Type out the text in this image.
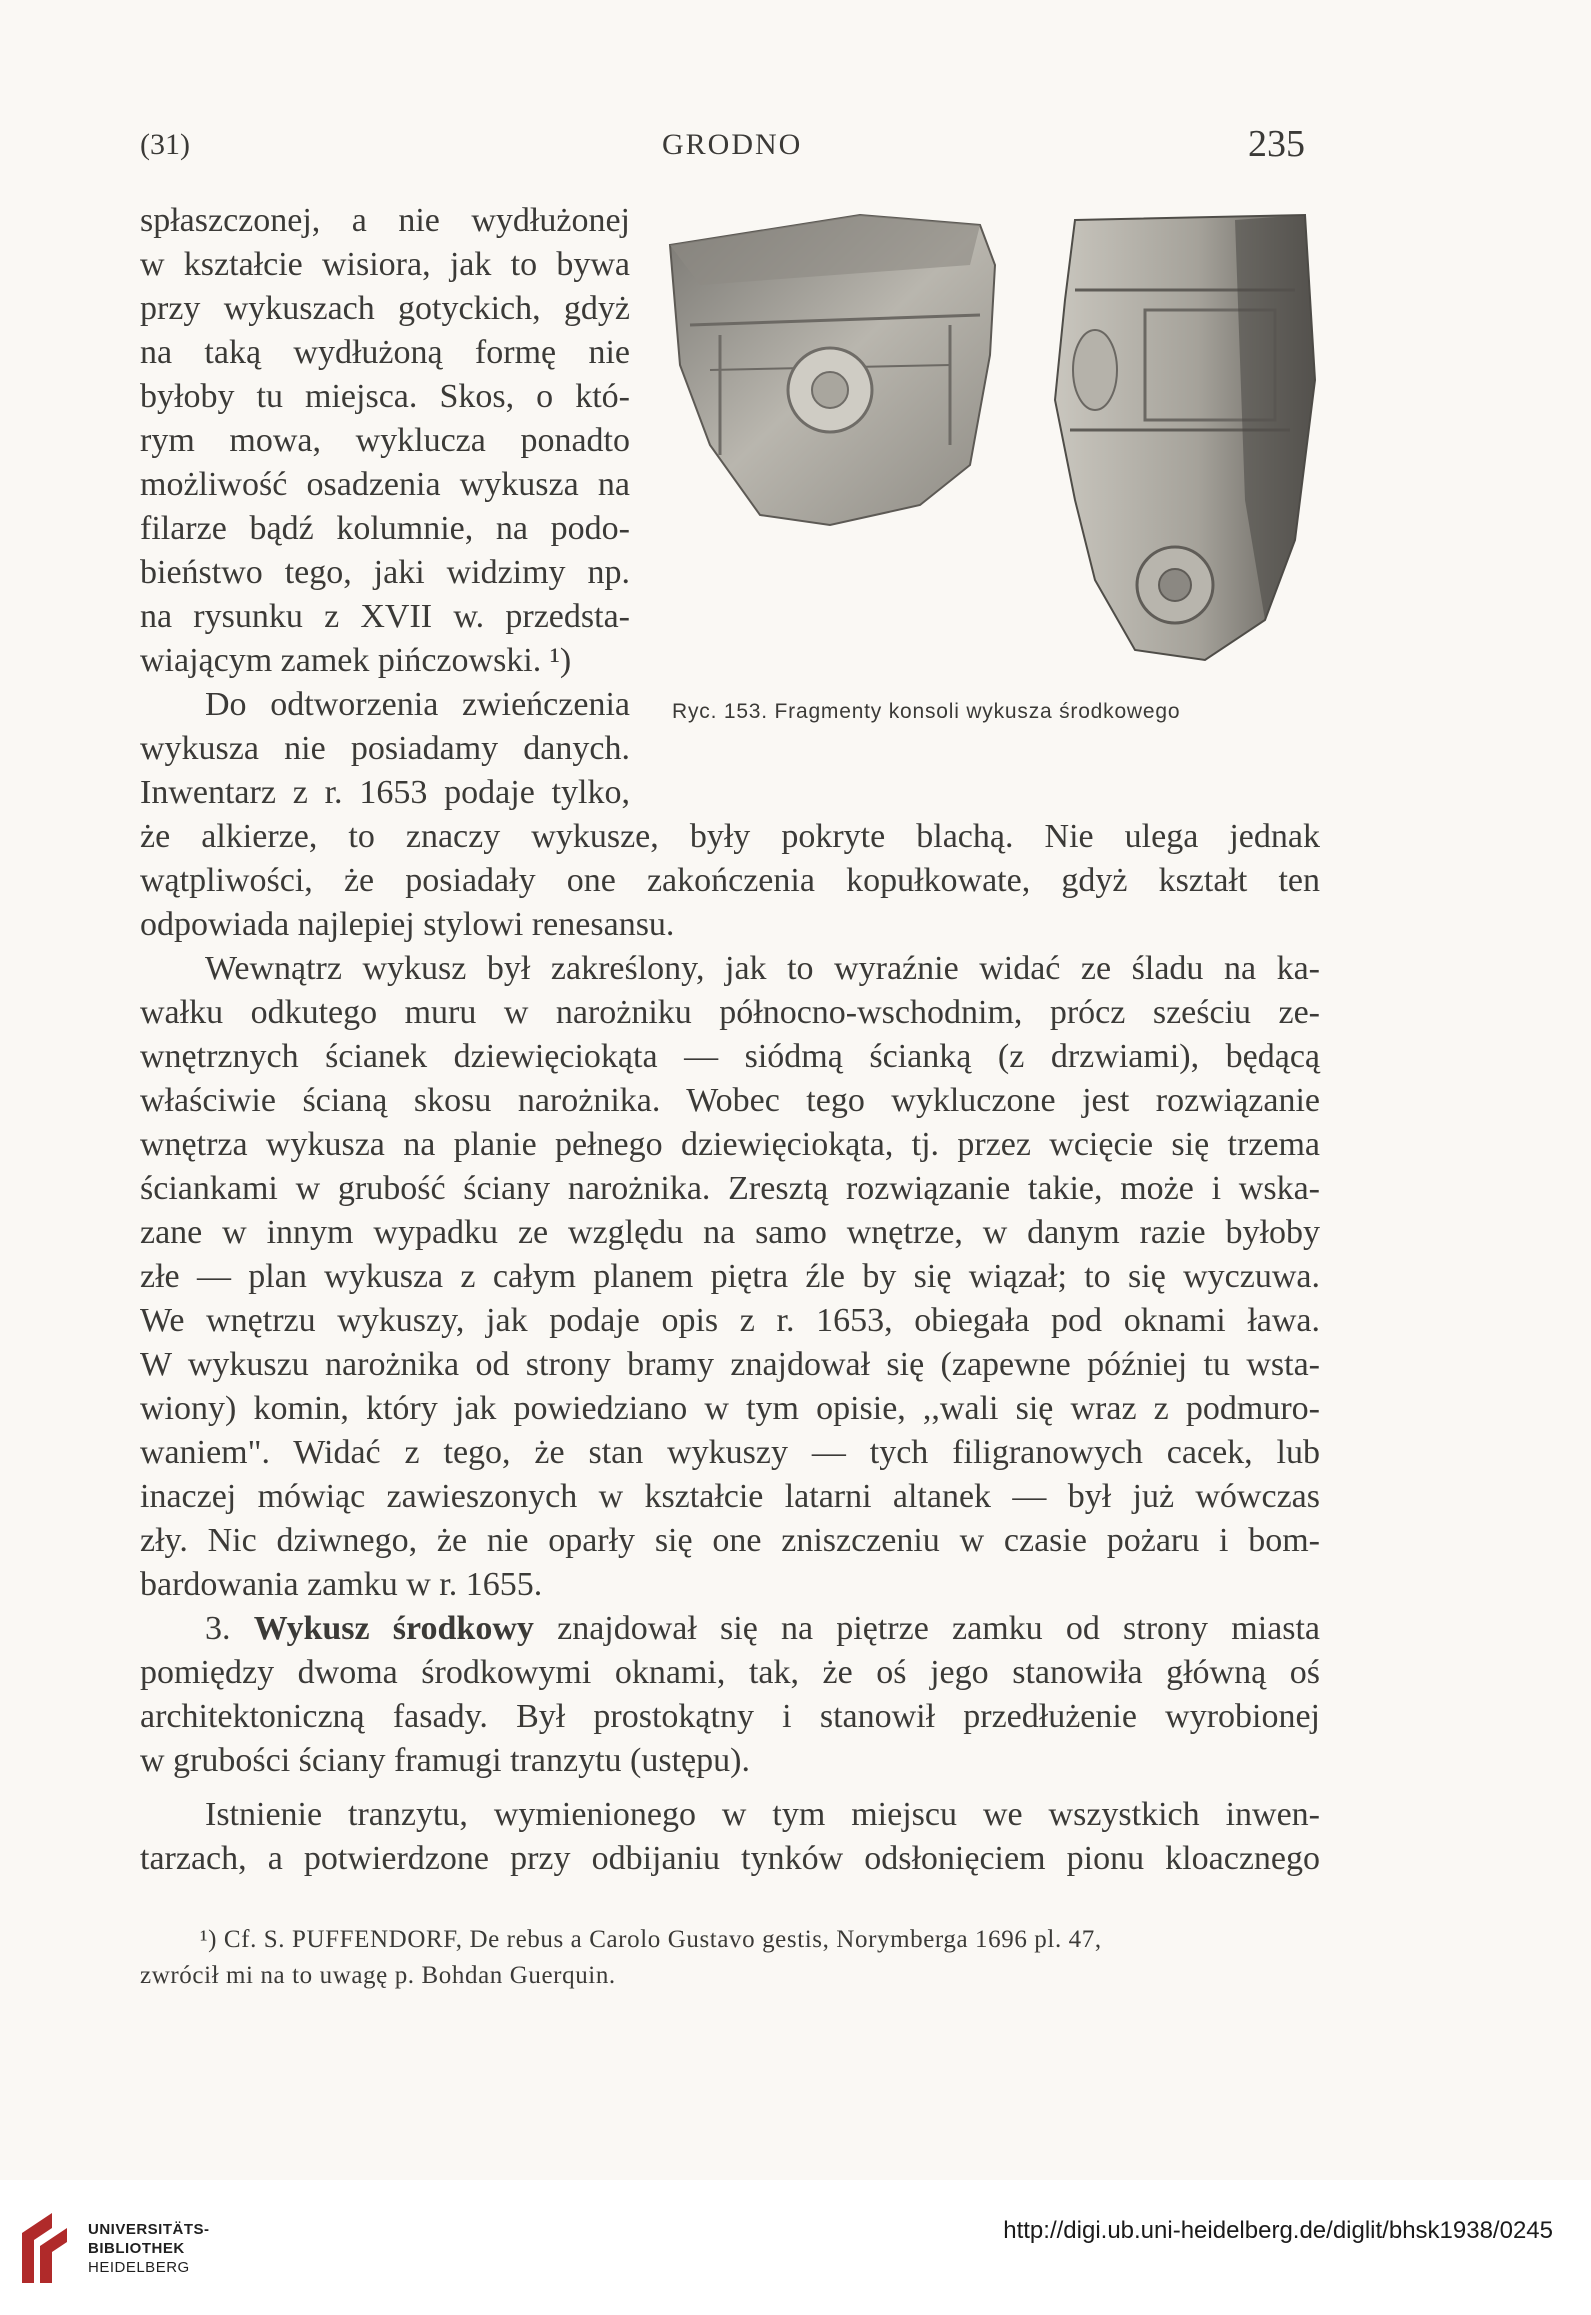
(31)	GRODNO	235
Ryc. 153. Fragmenty konsoli wykusza środkowego
spłaszczonej, a nie wydłużonej
w kształcie wisiora, jak to bywa
przy wykuszach gotyckich, gdyż
na taką wydłużoną formę nie
byłoby tu miejsca. Skos, o któ-
rym mowa, wyklucza ponadto
możliwość osadzenia wykusza na
filarze bądź kolumnie, na podo-
bieństwo tego, jaki widzimy np.
na rysunku z XVII w. przedsta-
wiającym zamek pińczowski. ¹)
Do odtworzenia zwieńczenia
wykusza nie posiadamy danych.
Inwentarz z r. 1653 podaje tylko,
że alkierze, to znaczy wykusze, były pokryte blachą. Nie ulega jednak
wątpliwości, że posiadały one zakończenia kopułkowate, gdyż kształt ten
odpowiada najlepiej stylowi renesansu.
Wewnątrz wykusz był zakreślony, jak to wyraźnie widać ze śladu na ka-
wałku odkutego muru w narożniku północno-wschodnim, prócz sześciu ze-
wnętrznych ścianek dziewięciokąta — siódmą ścianką (z drzwiami), będącą
właściwie ścianą skosu narożnika. Wobec tego wykluczone jest rozwiązanie
wnętrza wykusza na planie pełnego dziewięciokąta, tj. przez wcięcie się trzema
ściankami w grubość ściany narożnika. Zresztą rozwiązanie takie, może i wska-
zane w innym wypadku ze względu na samo wnętrze, w danym razie byłoby
złe — plan wykusza z całym planem piętra źle by się wiązał; to się wyczuwa.
We wnętrzu wykuszy, jak podaje opis z r. 1653, obiegała pod oknami ława.
W wykuszu narożnika od strony bramy znajdował się (zapewne później tu wsta-
wiony) komin, który jak powiedziano w tym opisie, ,,wali się wraz z podmuro-
waniem". Widać z tego, że stan wykuszy — tych filigranowych cacek, lub
inaczej mówiąc zawieszonych w kształcie latarni altanek — był już wówczas
zły. Nic dziwnego, że nie oparły się one zniszczeniu w czasie pożaru i bom-
bardowania zamku w r. 1655.
3. Wykusz środkowy znajdował się na piętrze zamku od strony miasta
pomiędzy dwoma środkowymi oknami, tak, że oś jego stanowiła główną oś
architektoniczną fasady. Był prostokątny i stanowił przedłużenie wyrobionej
w grubości ściany framugi tranzytu (ustępu).
Istnienie tranzytu, wymienionego w tym miejscu we wszystkich inwen-
tarzach, a potwierdzone przy odbijaniu tynków odsłonięciem pionu kloacznego
¹) Cf. S. PUFFENDORF, De rebus a Carolo Gustavo gestis, Norymberga 1696 pl. 47,
zwrócił mi na to uwagę p. Bohdan Guerquin.
UNIVERSITÄTS-
BIBLIOTHEK
HEIDELBERG
http://digi.ub.uni-heidelberg.de/diglit/bhsk1938/0245
